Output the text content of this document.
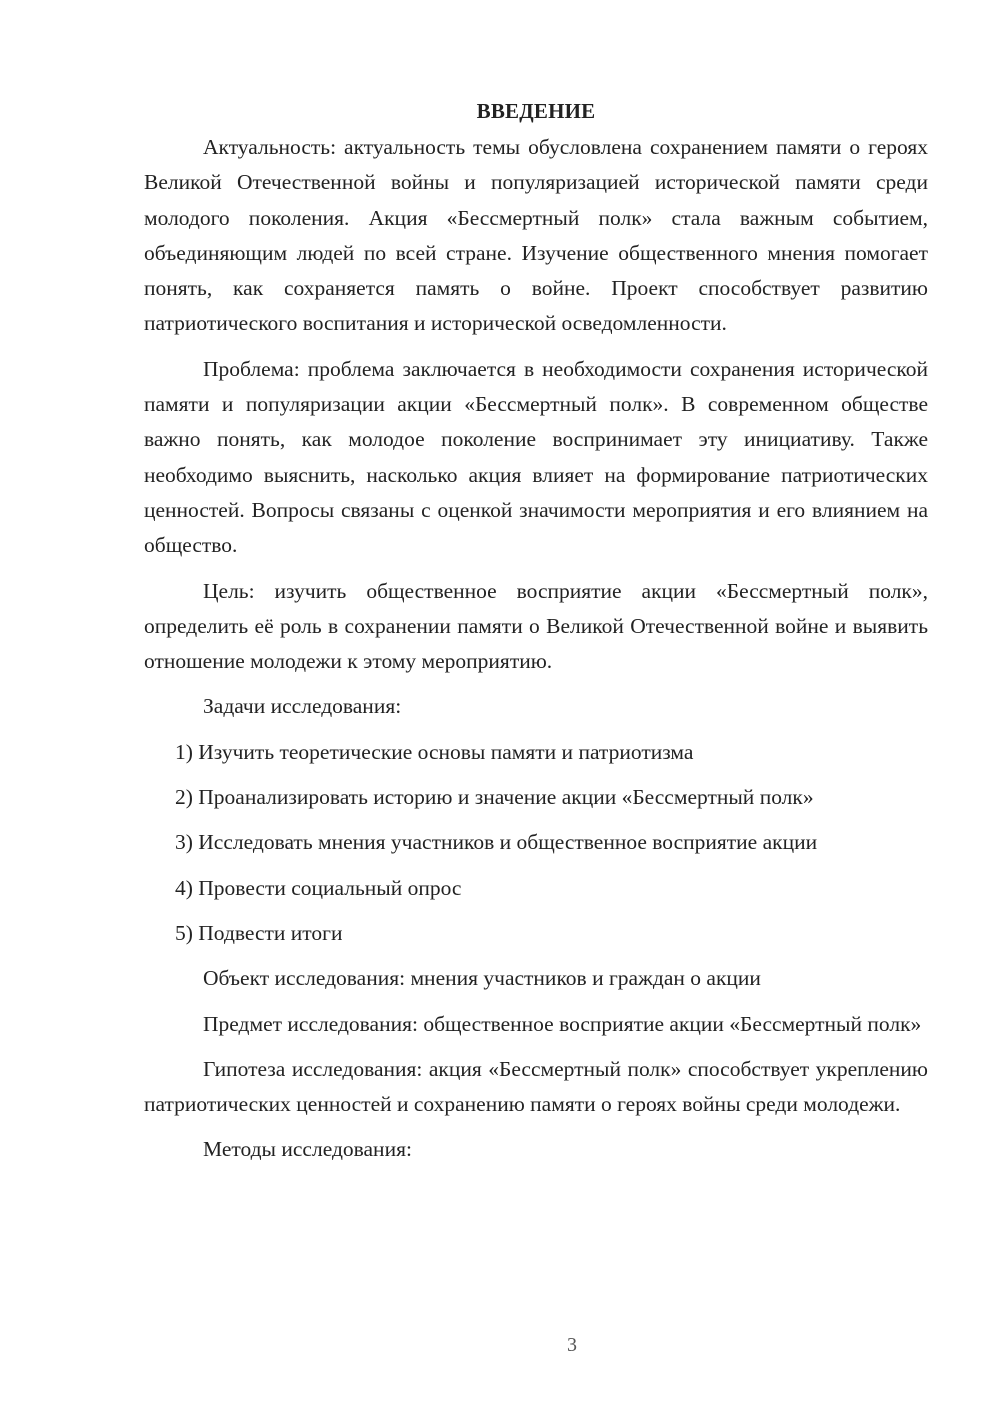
ВВЕДЕНИЕ

Актуальность: актуальность темы обусловлена сохранением памяти о героях Великой Отечественной войны и популяризацией исторической памяти среди молодого поколения. Акция «Бессмертный полк» стала важным событием, объединяющим людей по всей стране. Изучение общественного мнения помогает понять, как сохраняется память о войне. Проект способствует развитию патриотического воспитания и исторической осведомленности.

Проблема: проблема заключается в необходимости сохранения исторической памяти и популяризации акции «Бессмертный полк». В современном обществе важно понять, как молодое поколение воспринимает эту инициативу. Также необходимо выяснить, насколько акция влияет на формирование патриотических ценностей. Вопросы связаны с оценкой значимости мероприятия и его влиянием на общество.

Цель: изучить общественное восприятие акции «Бессмертный полк», определить её роль в сохранении памяти о Великой Отечественной войне и выявить отношение молодежи к этому мероприятию.

Задачи исследования:

1) Изучить теоретические основы памяти и патриотизма
2) Проанализировать историю и значение акции «Бессмертный полк»
3) Исследовать мнения участников и общественное восприятие акции
4) Провести социальный опрос
5) Подвести итоги

Объект исследования: мнения участников и граждан о акции

Предмет исследования: общественное восприятие акции «Бессмертный полк»

Гипотеза исследования: акция «Бессмертный полк» способствует укреплению патриотических ценностей и сохранению памяти о героях войны среди молодежи.

Методы исследования:

3
